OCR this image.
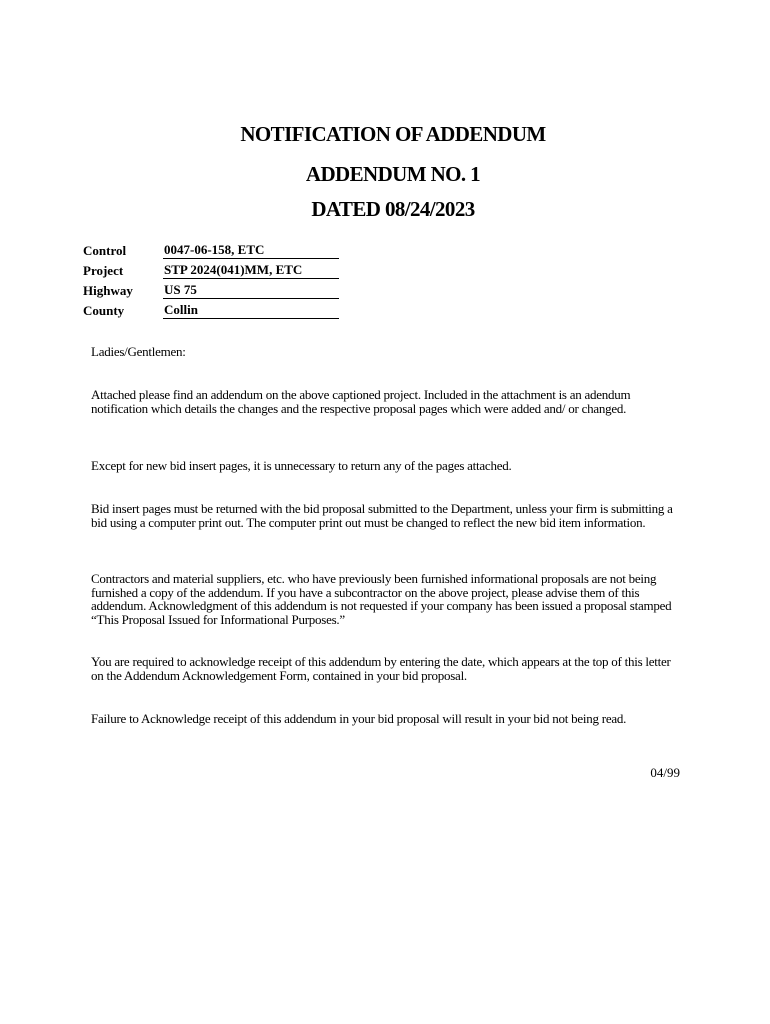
NOTIFICATION OF ADDENDUM
ADDENDUM NO. 1
DATED 08/24/2023
Control	0047-06-158, ETC
Project	STP 2024(041)MM, ETC
Highway	US 75
County	Collin

Ladies/Gentlemen:

Attached please find an addendum on the above captioned project. Included in the attachment is an adendum notification which details the changes and the respective proposal pages which were added and/ or changed.

Except for new bid insert pages, it is unnecessary to return any of the pages attached.

Bid insert pages must be returned with the bid proposal submitted to the Department, unless your firm is submitting a bid using a computer print out. The computer print out must be changed to reflect the new bid item information.

Contractors and material suppliers, etc. who have previously been furnished informational proposals are not being furnished a copy of the addendum. If you have a subcontractor on the above project, please advise them of this addendum. Acknowledgment of this addendum is not requested if your company has been issued a proposal stamped “This Proposal Issued for Informational Purposes.”

You are required to acknowledge receipt of this addendum by entering the date, which appears at the top of this letter on the Addendum Acknowledgement Form, contained in your bid proposal.

Failure to Acknowledge receipt of this addendum in your bid proposal will result in your bid not being read.

04/99
